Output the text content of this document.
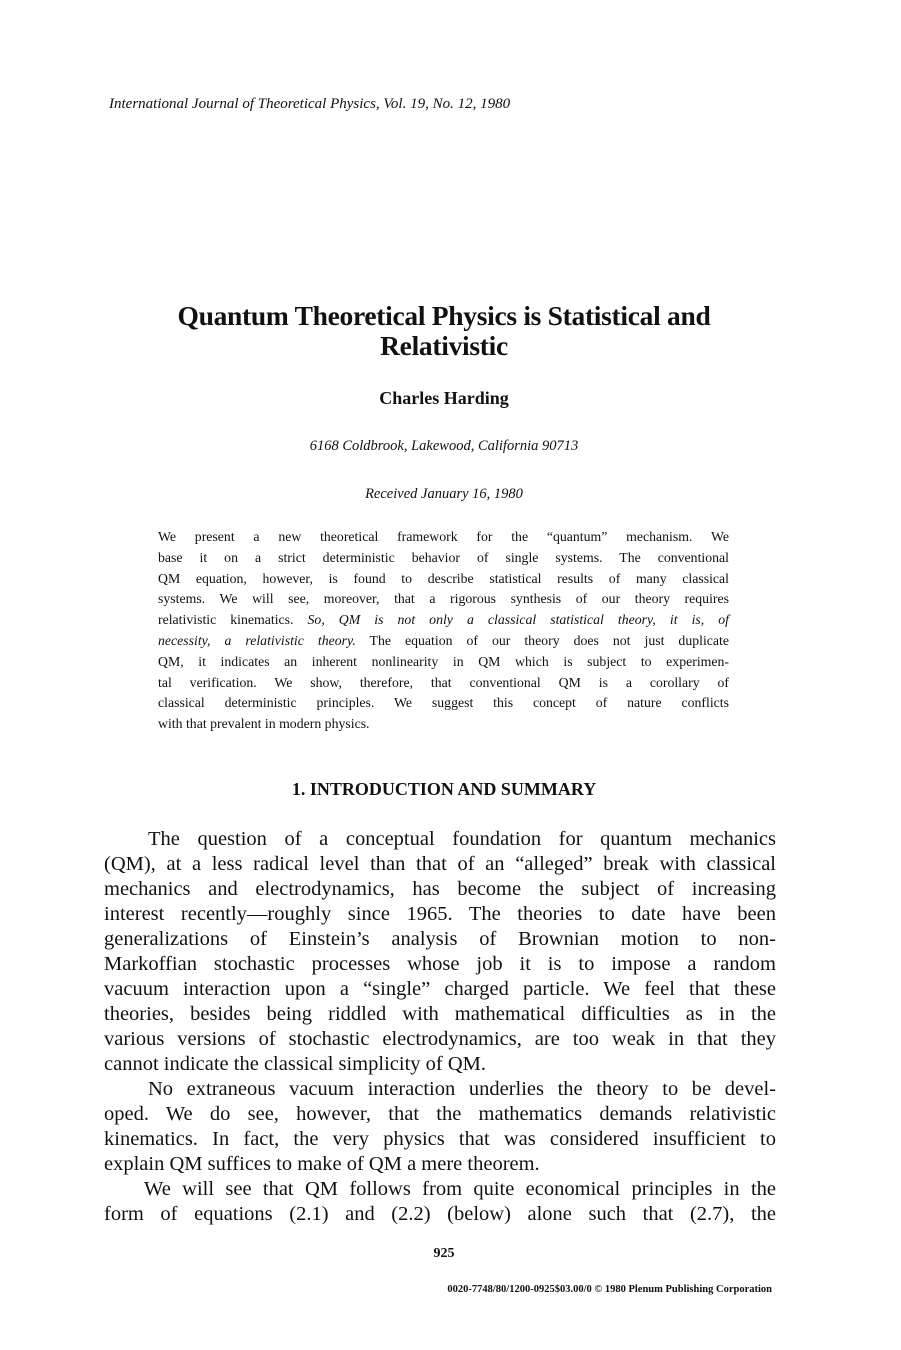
International Journal of Theoretical Physics, Vol. 19, No. 12, 1980
Quantum Theoretical Physics is Statistical and
Relativistic
Charles Harding
6168 Coldbrook, Lakewood, California 90713
Received January 16, 1980
We present a new theoretical framework for the “quantum” mechanism. We
base it on a strict deterministic behavior of single systems. The conventional
QM equation, however, is found to describe statistical results of many classical
systems. We will see, moreover, that a rigorous synthesis of our theory requires
relativistic kinematics. So, QM is not only a classical statistical theory, it is, of
necessity, a relativistic theory. The equation of our theory does not just duplicate
QM, it indicates an inherent nonlinearity in QM which is subject to experimen-
tal verification. We show, therefore, that conventional QM is a corollary of
classical deterministic principles. We suggest this concept of nature conflicts
with that prevalent in modern physics.
1. INTRODUCTION AND SUMMARY
The question of a conceptual foundation for quantum mechanics
(QM), at a less radical level than that of an “alleged” break with classical
mechanics and electrodynamics, has become the subject of increasing
interest recently—roughly since 1965. The theories to date have been
generalizations of Einstein’s analysis of Brownian motion to non-
Markoffian stochastic processes whose job it is to impose a random
vacuum interaction upon a “single” charged particle. We feel that these
theories, besides being riddled with mathematical difficulties as in the
various versions of stochastic electrodynamics, are too weak in that they
cannot indicate the classical simplicity of QM.
No extraneous vacuum interaction underlies the theory to be devel-
oped. We do see, however, that the mathematics demands relativistic
kinematics. In fact, the very physics that was considered insufficient to
explain QM suffices to make of QM a mere theorem.
We will see that QM follows from quite economical principles in the
form of equations (2.1) and (2.2) (below) alone such that (2.7), the
925
0020-7748/80/1200-0925$03.00/0 © 1980 Plenum Publishing Corporation
